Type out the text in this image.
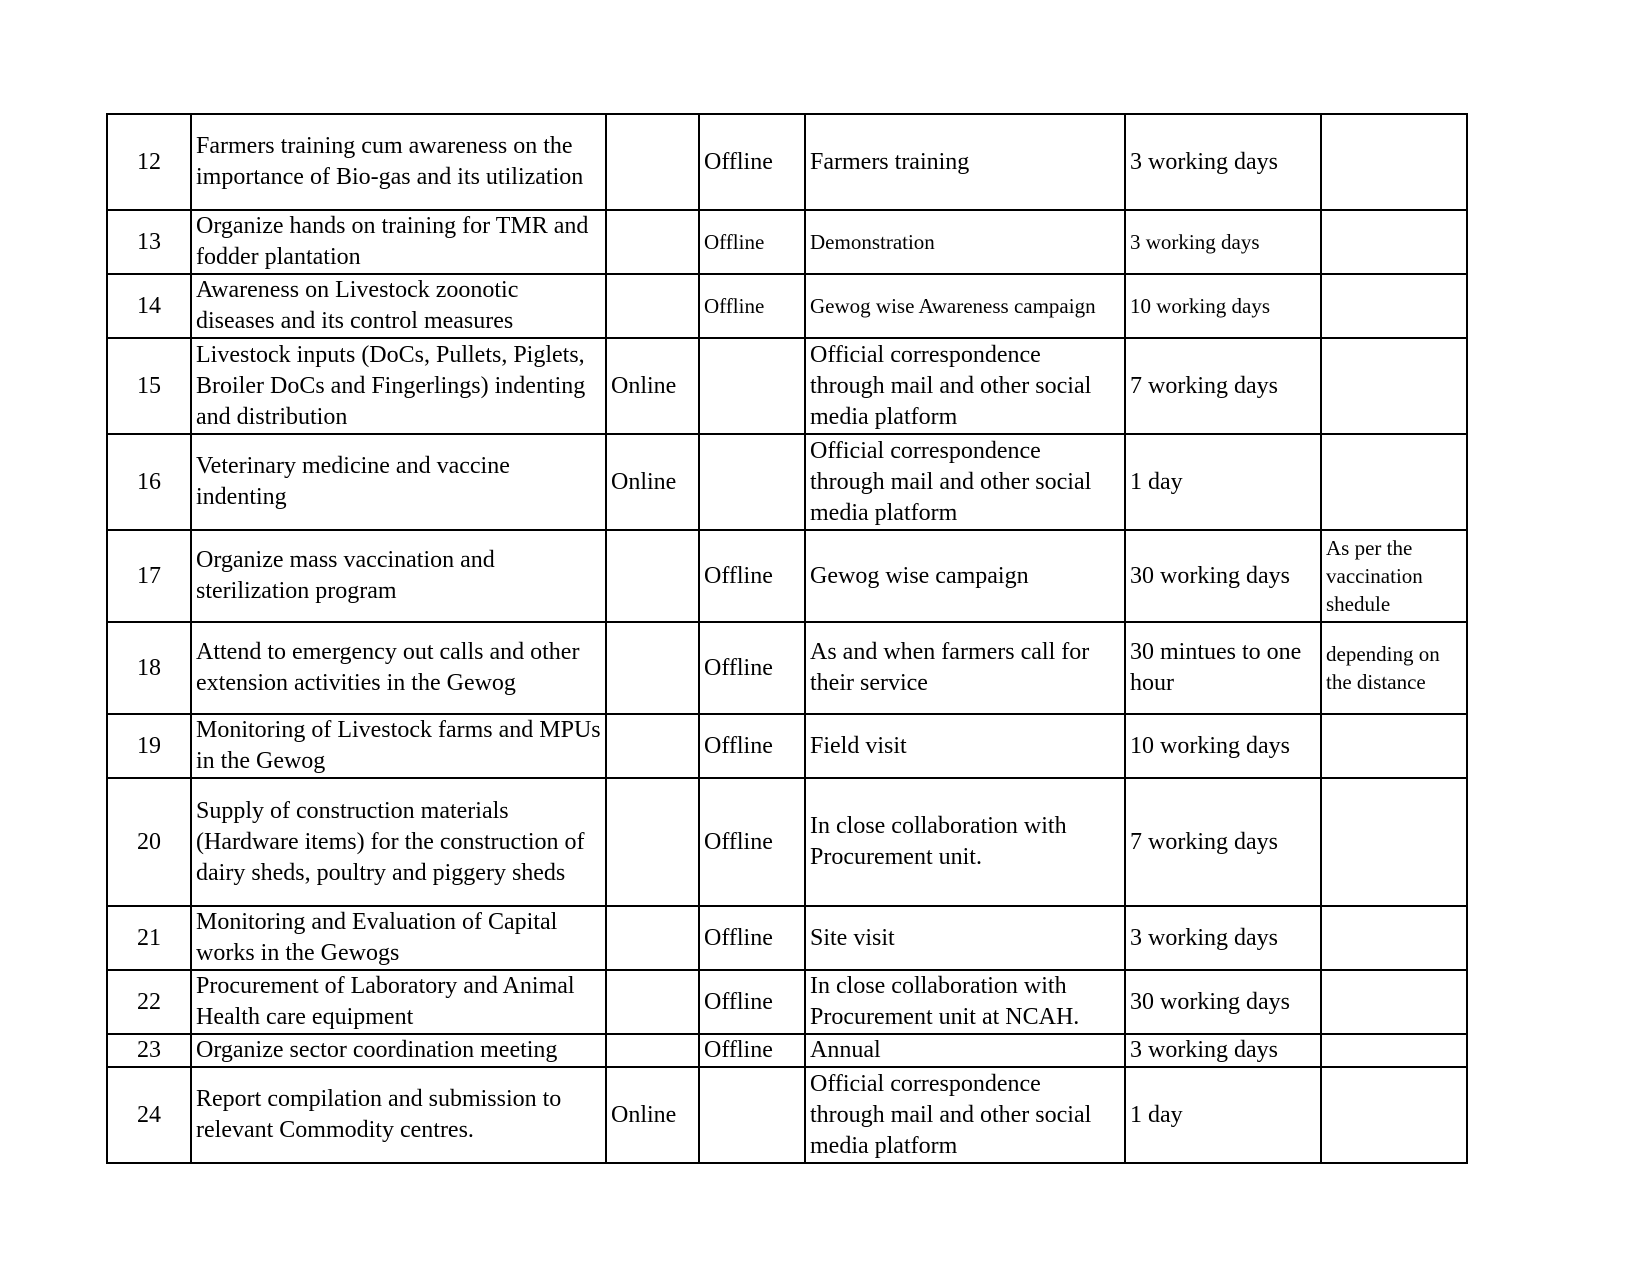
12	Farmers training cum awareness on the importance of Bio-gas and its utilization		Offline	Farmers training	3 working days	
13	Organize hands on training for TMR and fodder plantation		Offline	Demonstration	3 working days	
14	Awareness on Livestock zoonotic diseases and its control measures		Offline	Gewog wise Awareness campaign	10 working days	
15	Livestock inputs (DoCs, Pullets, Piglets, Broiler DoCs and Fingerlings) indenting and distribution	Online		Official correspondence through mail and other social media platform	7 working days	
16	Veterinary medicine and vaccine indenting	Online		Official correspondence through mail and other social media platform	1 day	
17	Organize mass vaccination and sterilization program		Offline	Gewog wise campaign	30 working days	As per the vaccination shedule
18	Attend to emergency out calls and other extension activities in the Gewog		Offline	As and when farmers call for their service	30 mintues to one hour	depending on the distance
19	Monitoring of Livestock farms and MPUs in the Gewog		Offline	Field visit	10 working days	
20	Supply of construction materials (Hardware items) for the construction of dairy sheds, poultry and piggery sheds		Offline	In close collaboration with Procurement unit.	7 working days	
21	Monitoring and Evaluation of Capital works in the Gewogs		Offline	Site visit	3 working days	
22	Procurement of Laboratory and Animal Health care equipment		Offline	In close collaboration with Procurement unit at NCAH.	30 working days	
23	Organize sector coordination meeting		Offline	Annual	3 working days	
24	Report compilation and submission to relevant Commodity centres.	Online		Official correspondence through mail and other social media platform	1 day	
